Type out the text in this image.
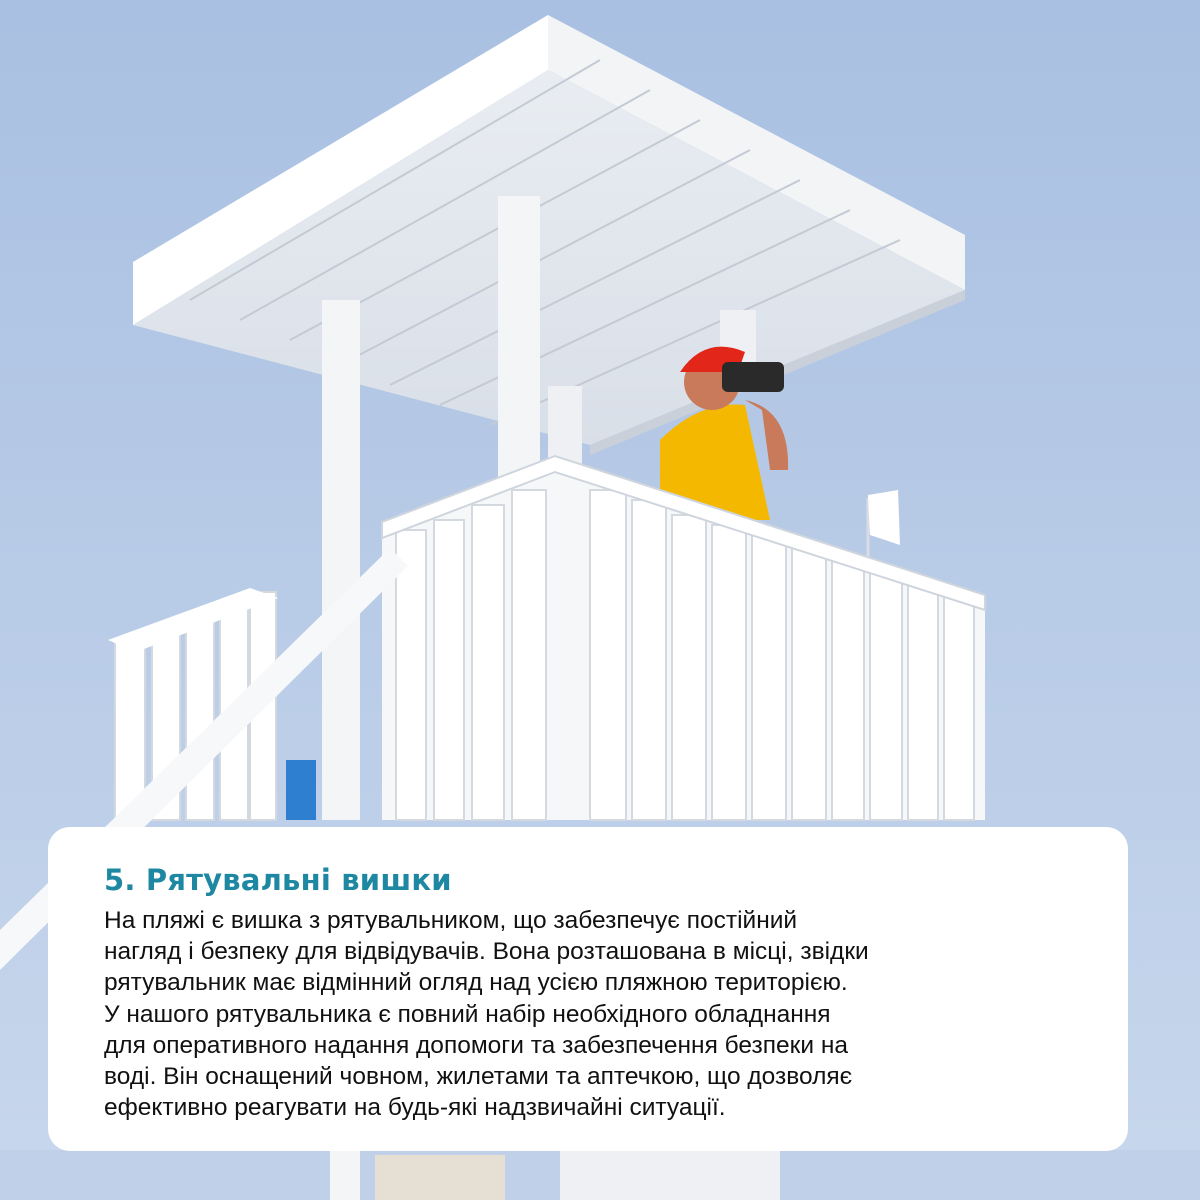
5. Рятувальні вишки

На пляжі є вишка з рятувальником, що забезпечує постійний
нагляд і безпеку для відвідувачів. Вона розташована в місці, звідки
рятувальник має відмінний огляд над усією пляжною територією.
У нашого рятувальника є повний набір необхідного обладнання
для оперативного надання допомоги та забезпечення безпеки на
воді. Він оснащений човном, жилетами та аптечкою, що дозволяє
ефективно реагувати на будь-які надзвичайні ситуації.
